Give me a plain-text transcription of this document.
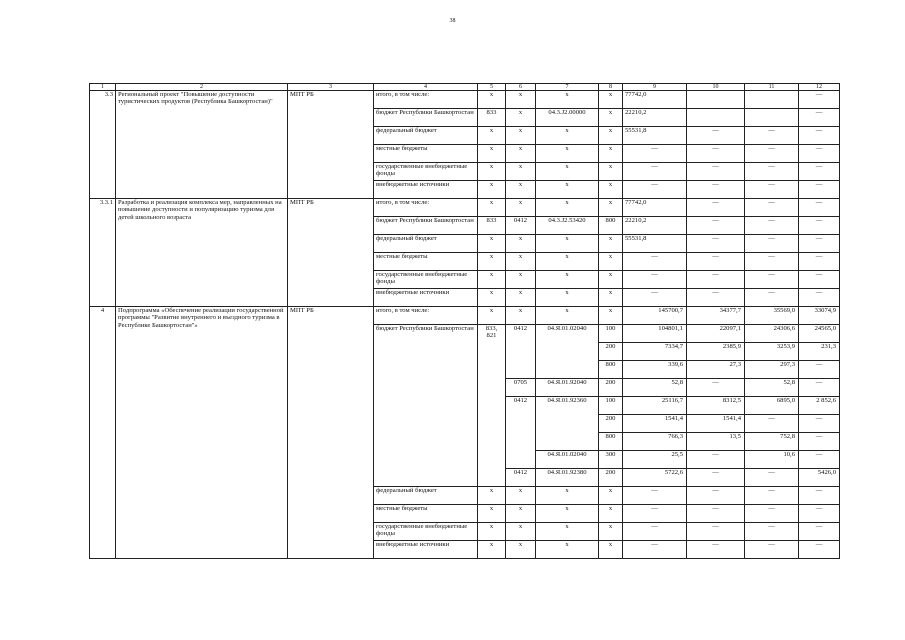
38
1	2	3	4	5	6	7	8	9	10	11	12
3.3	Региональный проект "Повышение доступности туристических продуктов (Республика Башкортостан)"	МПТ РБ	итого, в том числе:	x	x	x	x	77742,0			—
			бюджет Республики Башкортостан	833	x	04.3.J2.00000	x	22210,2			—
			федеральный бюджет	x	x	x	x	55531,8	—	—	—
			местные бюджеты	x	x	x	x	—	—	—	—
			государственные внебюджетные фонды	x	x	x	x	—	—	—	—
			внебюджетные источники	x	x	x	x	—	—	—	—
3.3.1	Разработка и реализация комплекса мер, направленных на повышение доступности и популяризацию туризма для детей школьного возраста	МПТ РБ	итого, в том числе:	x	x	x	x	77742,0	—	—	—
			бюджет Республики Башкортостан	833	0412	04.3.J2.53420	800	22210,2	—	—	—
			федеральный бюджет	x	x	x	x	55531,8	—	—	—
			местные бюджеты	x	x	x	x	—	—	—	—
			государственные внебюджетные фонды	x	x	x	x	—	—	—	—
			внебюджетные источники	x	x	x	x	—	—	—	—
4	Подпрограмма «Обеспечение реализации государственной программы "Развитие внутреннего и въездного туризма в Республике Башкортостан"»	МПТ РБ	итого, в том числе:	x	x	x	x	145700,7	34377,7	35569,0	33074,9
			бюджет Республики Башкортостан	833, 821	0412	04.Я.01.02040	100	104801,1	22097,1	24306,6	24565,0
							200	7334,7	2385,9	3253,9	231,3
							800	339,6	27,3	297,3	—
					0705	04.Я.01.92040	200	52,8	—	52,8	—
					0412	04.Я.01.92360	100	25116,7	8312,5	6895,0	2 852,6
							200	1541,4	1541,4	—	—
							800	766,3	13,5	752,8	—
						04.Я.01.02040	300	25,5	—	10,6	—
					0412	04.Я.01.92380	200	5722,6	—	—	5426,0
			федеральный бюджет	x	x	x	x	—	—	—	—
			местные бюджеты	x	x	x	x	—	—	—	—
			государственные внебюджетные фонды	x	x	x	x	—	—	—	—
			внебюджетные источники	x	x	x	x	—	—	—	—
